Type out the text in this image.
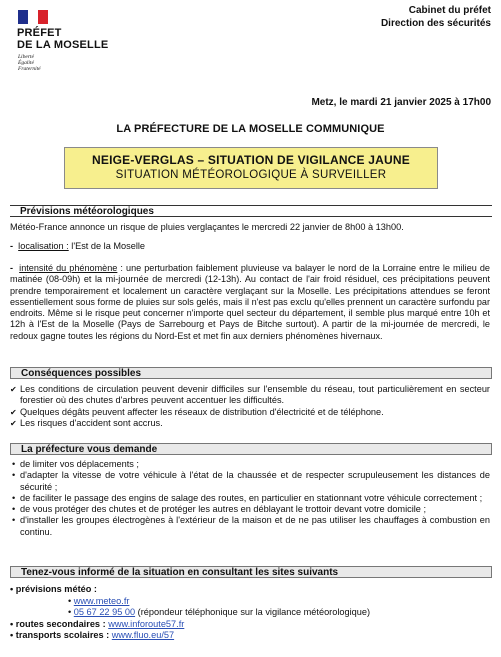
PRÉFET
DE LA MOSELLE
Liberté
Égalité
Fraternité
Cabinet du préfet
Direction des sécurités
Metz, le mardi 21 janvier 2025 à 17h00
LA PRÉFECTURE DE LA MOSELLE COMMUNIQUE
NEIGE-VERGLAS – SITUATION DE VIGILANCE JAUNE
SITUATION MÉTÉOROLOGIQUE À SURVEILLER
Prévisions météorologiques
Météo-France annonce un risque de pluies verglaçantes le mercredi 22 janvier de 8h00 à 13h00.
-  localisation : l'Est de la Moselle
-  intensité du phénomène : une perturbation faiblement pluvieuse va balayer le nord de la Lorraine entre le milieu de matinée (08-09h) et la mi-journée de mercredi (12-13h). Au contact de l'air froid résiduel, ces précipitations peuvent prendre temporairement et localement un caractère verglaçant sur la Moselle. Les précipitations attendues se feront essentiellement sous forme de pluies sur sols gelés, mais il n'est pas exclu qu'elles prennent un caractère surfondu par endroits. Même si le risque peut concerner n'importe quel secteur du département, il semble plus marqué entre 10h et 12h à l'Est de la Moselle (Pays de Sarrebourg et Pays de Bitche surtout). A partir de la mi-journée de mercredi, le redoux gagne toutes les régions du Nord-Est et met fin aux derniers phénomènes hivernaux.
Conséquences possibles
✔ Les conditions de circulation peuvent devenir difficiles sur l'ensemble du réseau, tout particulièrement en secteur forestier où des chutes d'arbres peuvent accentuer les difficultés.
✔ Quelques dégâts peuvent affecter les réseaux de distribution d'électricité et de téléphone.
✔ Les risques d'accident sont accrus.
La préfecture vous demande
• de limiter vos déplacements ;
• d'adapter la vitesse de votre véhicule à l'état de la chaussée et de respecter scrupuleusement les distances de sécurité ;
• de faciliter le passage des engins de salage des routes, en particulier en stationnant votre véhicule correctement ;
• de vous protéger des chutes et de protéger les autres en déblayant le trottoir devant votre domicile ;
• d'installer les groupes électrogènes à l'extérieur de la maison et de ne pas utiliser les chauffages à combustion en continu.
Tenez-vous informé de la situation en consultant les sites suivants
• prévisions météo :
• www.meteo.fr
• 05 67 22 95 00 (répondeur téléphonique sur la vigilance météorologique)
• routes secondaires : www.inforoute57.fr
• transports scolaires : www.fluo.eu/57
